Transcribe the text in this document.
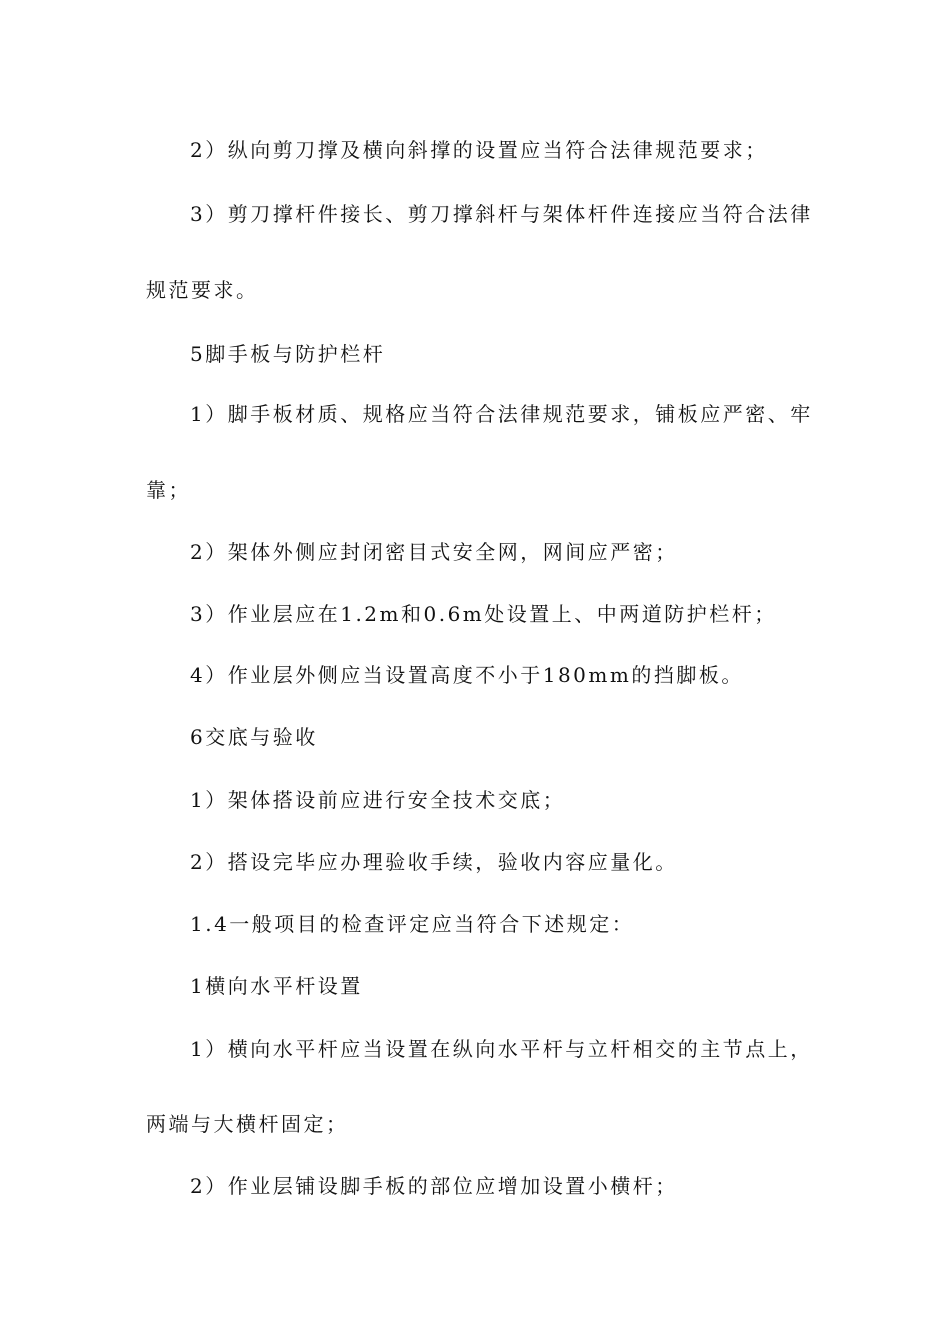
2）纵向剪刀撑及横向斜撑的设置应当符合法律规范要求；
3）剪刀撑杆件接长、剪刀撑斜杆与架体杆件连接应当符合法律
规范要求。
5脚手板与防护栏杆
1）脚手板材质、规格应当符合法律规范要求，铺板应严密、牢
靠；
2）架体外侧应封闭密目式安全网，网间应严密；
3）作业层应在1.2m和0.6m处设置上、中两道防护栏杆；
4）作业层外侧应当设置高度不小于180mm的挡脚板。
6交底与验收
1）架体搭设前应进行安全技术交底；
2）搭设完毕应办理验收手续，验收内容应量化。
1.4一般项目的检查评定应当符合下述规定：
1横向水平杆设置
1）横向水平杆应当设置在纵向水平杆与立杆相交的主节点上，
两端与大横杆固定；
2）作业层铺设脚手板的部位应增加设置小横杆；
